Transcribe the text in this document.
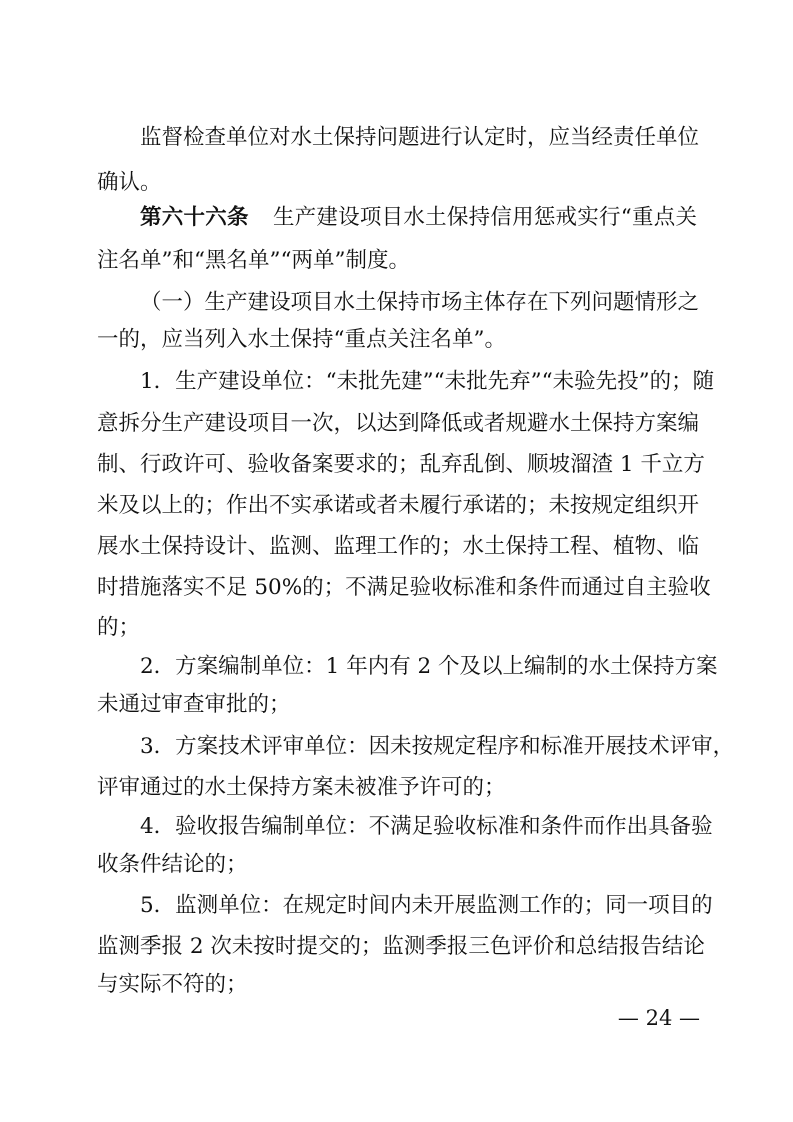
监督检查单位对水土保持问题进行认定时，应当经责任单位
确认。
第六十六条 生产建设项目水土保持信用惩戒实行“重点关
注名单”和“黑名单”“两单”制度。
（一）生产建设项目水土保持市场主体存在下列问题情形之
一的，应当列入水土保持“重点关注名单”。
1．生产建设单位：“未批先建”“未批先弃”“未验先投”的；随
意拆分生产建设项目一次，以达到降低或者规避水土保持方案编
制、行政许可、验收备案要求的；乱弃乱倒、顺坡溜渣 1 千立方
米及以上的；作出不实承诺或者未履行承诺的；未按规定组织开
展水土保持设计、监测、监理工作的；水土保持工程、植物、临
时措施落实不足 50%的；不满足验收标准和条件而通过自主验收
的；
2．方案编制单位：1 年内有 2 个及以上编制的水土保持方案
未通过审查审批的；
3．方案技术评审单位：因未按规定程序和标准开展技术评审，
评审通过的水土保持方案未被准予许可的；
4．验收报告编制单位：不满足验收标准和条件而作出具备验
收条件结论的；
5．监测单位：在规定时间内未开展监测工作的；同一项目的
监测季报 2 次未按时提交的；监测季报三色评价和总结报告结论
与实际不符的；
— 24 —
